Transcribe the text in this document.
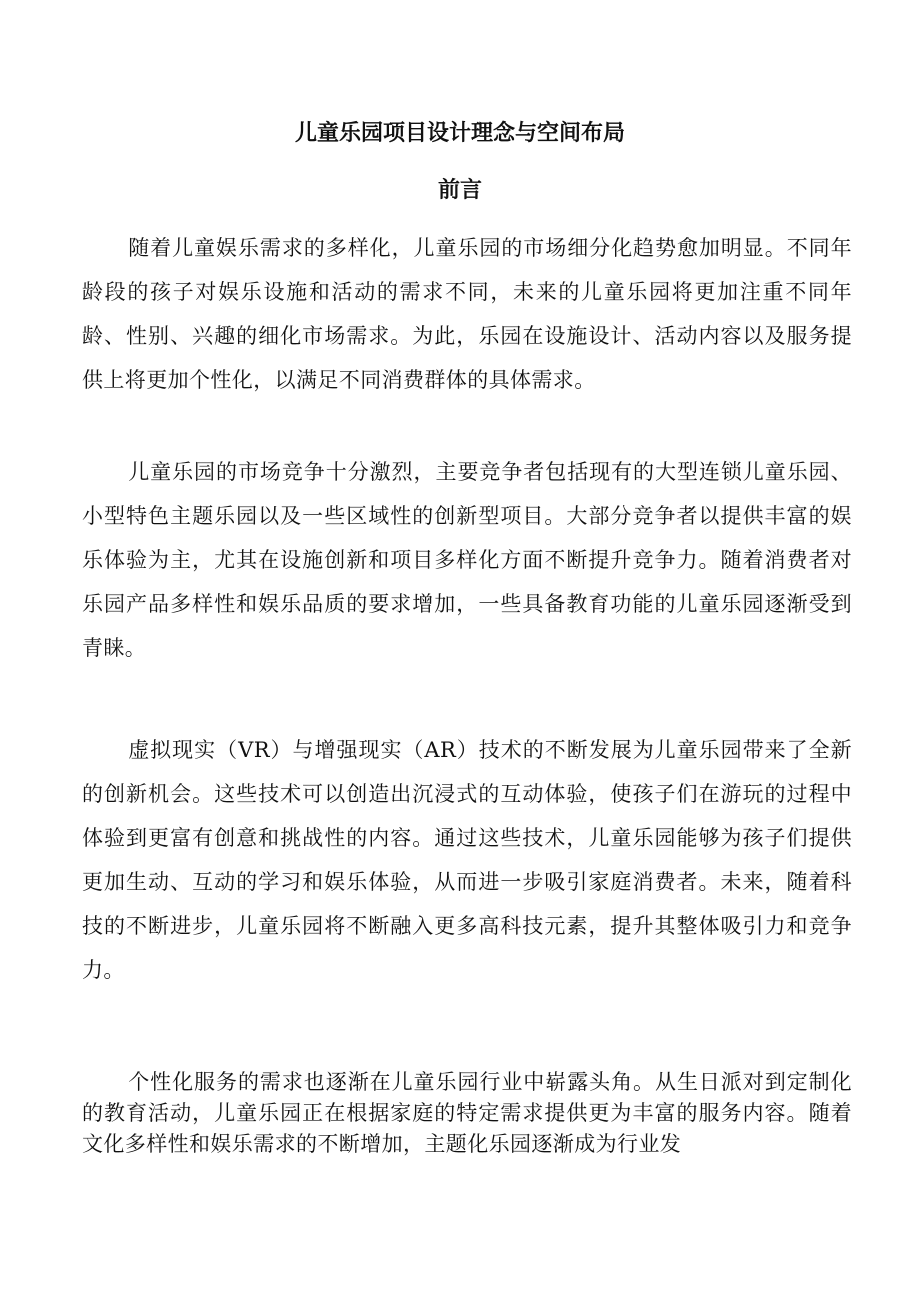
儿童乐园项目设计理念与空间布局
前言

随着儿童娱乐需求的多样化，儿童乐园的市场细分化趋势愈加明显。不同年龄段的孩子对娱乐设施和活动的需求不同，未来的儿童乐园将更加注重不同年龄、性别、兴趣的细化市场需求。为此，乐园在设施设计、活动内容以及服务提供上将更加个性化，以满足不同消费群体的具体需求。

儿童乐园的市场竞争十分激烈，主要竞争者包括现有的大型连锁儿童乐园、小型特色主题乐园以及一些区域性的创新型项目。大部分竞争者以提供丰富的娱乐体验为主，尤其在设施创新和项目多样化方面不断提升竞争力。随着消费者对乐园产品多样性和娱乐品质的要求增加，一些具备教育功能的儿童乐园逐渐受到青睐。

虚拟现实（VR）与增强现实（AR）技术的不断发展为儿童乐园带来了全新的创新机会。这些技术可以创造出沉浸式的互动体验，使孩子们在游玩的过程中体验到更富有创意和挑战性的内容。通过这些技术，儿童乐园能够为孩子们提供更加生动、互动的学习和娱乐体验，从而进一步吸引家庭消费者。未来，随着科技的不断进步，儿童乐园将不断融入更多高科技元素，提升其整体吸引力和竞争力。

个性化服务的需求也逐渐在儿童乐园行业中崭露头角。从生日派对到定制化的教育活动，儿童乐园正在根据家庭的特定需求提供更为丰富的服务内容。随着文化多样性和娱乐需求的不断增加，主题化乐园逐渐成为行业发
